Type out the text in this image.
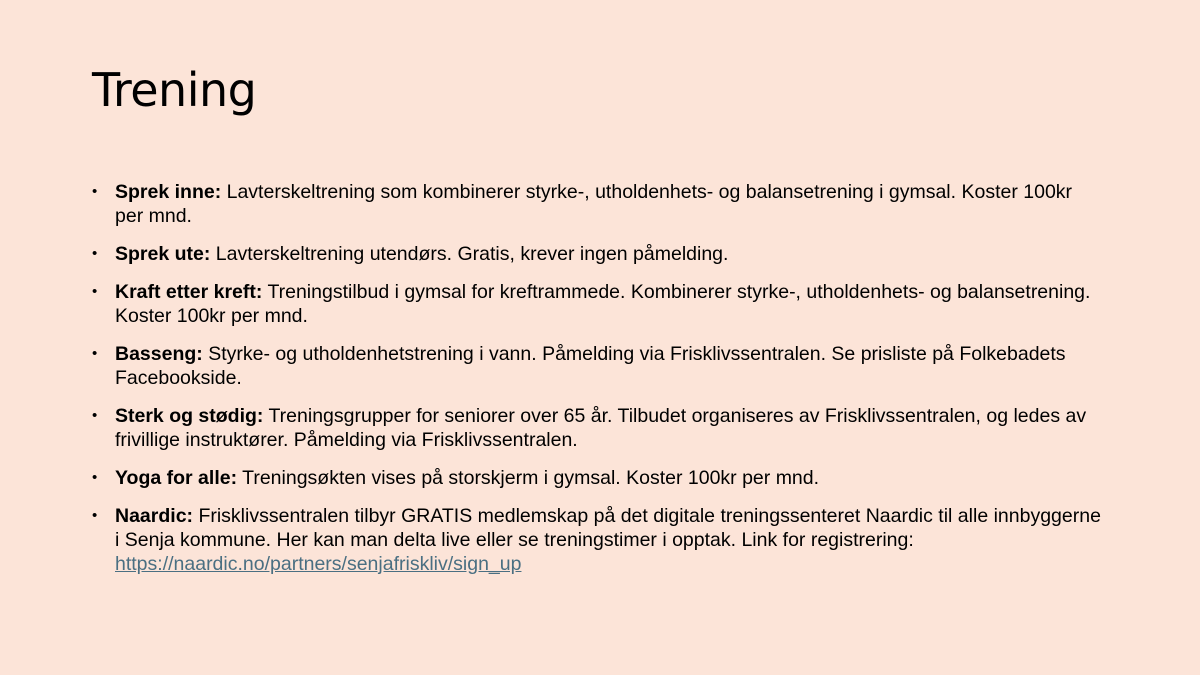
Trening
• Sprek inne: Lavterskeltrening som kombinerer styrke-, utholdenhets- og balansetrening i gymsal. Koster 100kr per mnd.
• Sprek ute: Lavterskeltrening utendørs. Gratis, krever ingen påmelding.
• Kraft etter kreft: Treningstilbud i gymsal for kreftrammede. Kombinerer styrke-, utholdenhets- og balansetrening. Koster 100kr per mnd.
• Basseng: Styrke- og utholdenhetstrening i vann. Påmelding via Frisklivssentralen. Se prisliste på Folkebadets Facebookside.
• Sterk og stødig: Treningsgrupper for seniorer over 65 år. Tilbudet organiseres av Frisklivssentralen, og ledes av frivillige instruktører. Påmelding via Frisklivssentralen.
• Yoga for alle: Treningsøkten vises på storskjerm i gymsal. Koster 100kr per mnd.
• Naardic: Frisklivssentralen tilbyr GRATIS medlemskap på det digitale treningssenteret Naardic til alle innbyggerne i Senja kommune. Her kan man delta live eller se treningstimer i opptak. Link for registrering: https://naardic.no/partners/senjafriskliv/sign_up
